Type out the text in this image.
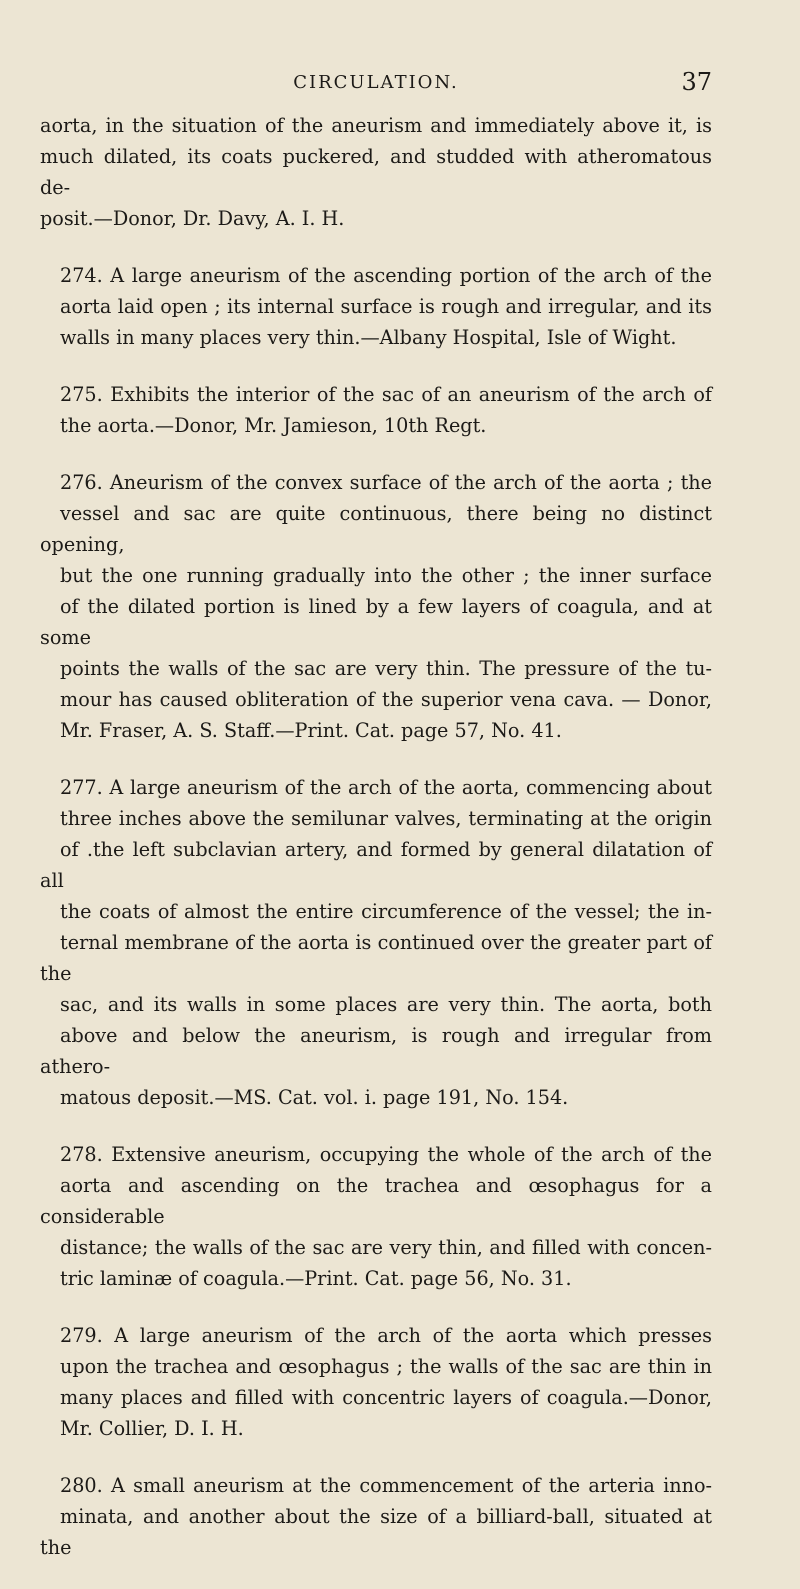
CIRCULATION.	37

aorta, in the situation of the aneurism and immediately above it, is
much dilated, its coats puckered, and studded with atheromatous de-
posit.—Donor, Dr. Davy, A. I. H.

274. A large aneurism of the ascending portion of the arch of the
aorta laid open ; its internal surface is rough and irregular, and its
walls in many places very thin.—Albany Hospital, Isle of Wight.

275. Exhibits the interior of the sac of an aneurism of the arch of
the aorta.—Donor, Mr. Jamieson, 10th Regt.

276. Aneurism of the convex surface of the arch of the aorta ; the
vessel and sac are quite continuous, there being no distinct opening,
but the one running gradually into the other ; the inner surface
of the dilated portion is lined by a few layers of coagula, and at some
points the walls of the sac are very thin. The pressure of the tu-
mour has caused obliteration of the superior vena cava. — Donor,
Mr. Fraser, A. S. Staff.—Print. Cat. page 57, No. 41.

277. A large aneurism of the arch of the aorta, commencing about
three inches above the semilunar valves, terminating at the origin
of .the left subclavian artery, and formed by general dilatation of all
the coats of almost the entire circumference of the vessel; the in-
ternal membrane of the aorta is continued over the greater part of the
sac, and its walls in some places are very thin. The aorta, both
above and below the aneurism, is rough and irregular from athero-
matous deposit.—MS. Cat. vol. i. page 191, No. 154.

278. Extensive aneurism, occupying the whole of the arch of the
aorta and ascending on the trachea and œsophagus for a considerable
distance; the walls of the sac are very thin, and filled with concen-
tric laminæ of coagula.—Print. Cat. page 56, No. 31.

279. A large aneurism of the arch of the aorta which presses
upon the trachea and œsophagus ; the walls of the sac are thin in
many places and filled with concentric layers of coagula.—Donor,
Mr. Collier, D. I. H.

280. A small aneurism at the commencement of the arteria inno-
minata, and another about the size of a billiard-ball, situated at the
